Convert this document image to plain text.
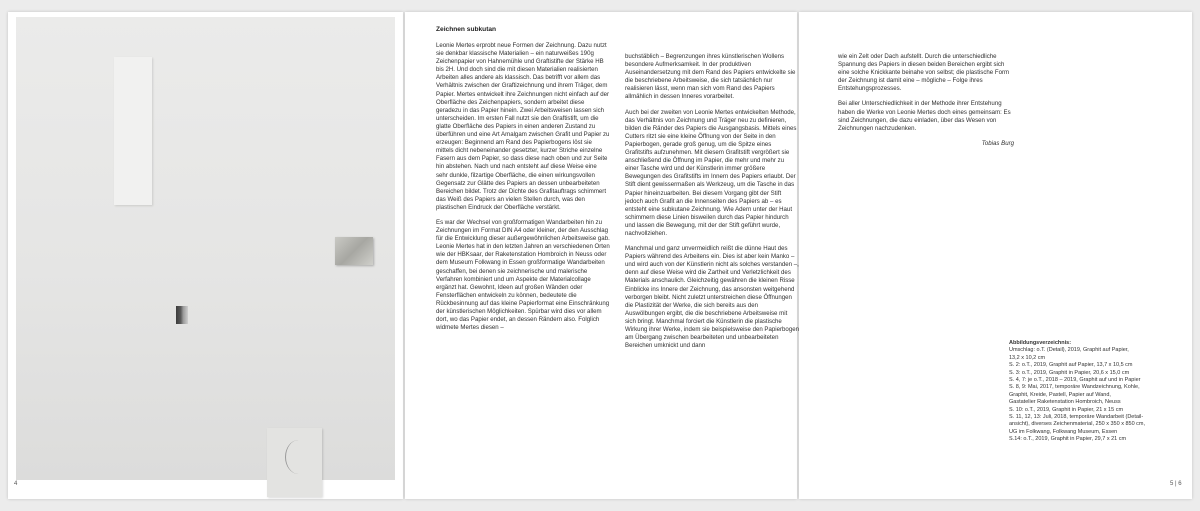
4
Zeichnen subkutan

Leonie Mertes erprobt neue Formen der Zeichnung. Dazu nutzt sie denkbar klassische Materialien – ein naturweißes 190g Zeichenpapier von Hahnemühle und Graftistifte der Stärke HB bis 2H. Und doch sind die mit diesen Materialien realisierten Arbeiten alles andere als klassisch. Das betrifft vor allem das Verhältnis zwischen der Graftizeichnung und ihrem Träger, dem Papier. Mertes entwickelt ihre Zeichnungen nicht einfach auf der Oberfläche des Zeichenpapiers, sondern arbeitet diese geradezu in das Papier hinein. Zwei Arbeitsweisen lassen sich unterscheiden. Im ersten Fall nutzt sie den Graftistift, um die glatte Oberfläche des Papiers in einen anderen Zustand zu überführen und eine Art Amalgam zwischen Grafit und Papier zu erzeugen: Beginnend am Rand des Papierbogens löst sie mittels dicht nebeneinander gesetzter, kurzer Striche einzelne Fasern aus dem Papier, so dass diese nach oben und zur Seite hin abstehen. Nach und nach entsteht auf diese Weise eine sehr dunkle, filzartige Oberfläche, die einen wirkungsvollen Gegensatz zur Glätte des Papiers an dessen unbearbeiteten Bereichen bildet. Trotz der Dichte des Grafitauftrags schimmert das Weiß des Papiers an vielen Stellen durch, was den plastischen Eindruck der Oberfläche verstärkt.

Es war der Wechsel von großformatigen Wandarbeiten hin zu Zeichnungen im Format DIN A4 oder kleiner, der den Ausschlag für die Entwicklung dieser außergewöhnlichen Arbeitsweise gab. Leonie Mertes hat in den letzten Jahren an verschiedenen Orten wie der HBKsaar, der Raketenstation Hombroich in Neuss oder dem Museum Folkwang in Essen großformatige Wandarbeiten geschaffen, bei denen sie zeichnerische und malerische Verfahren kombiniert und um Aspekte der Materialcollage ergänzt hat. Gewohnt, Ideen auf großen Wänden oder Fensterflächen entwickeln zu können, bedeutete die Rückbesinnung auf das kleine Papierformat eine Einschränkung der künstlerischen Möglichkeiten. Spürbar wird dies vor allem dort, wo das Papier endet, an dessen Rändern also. Folglich widmete Mertes diesen –

buchstäblich – Begrenzungen ihres künstlerischen Wollens besondere Aufmerksamkeit. In der produktiven Auseinandersetzung mit dem Rand des Papiers entwickelte sie die beschriebene Arbeitsweise, die sich tatsächlich nur realisieren lässt, wenn man sich vom Rand des Papiers allmählich in dessen Inneres vorarbeitet.

Auch bei der zweiten von Leonie Mertes entwickelten Methode, das Verhältnis von Zeichnung und Träger neu zu definieren, bilden die Ränder des Papiers die Ausgangsbasis. Mittels eines Cutters ritzt sie eine kleine Öffnung von der Seite in den Papierbogen, gerade groß genug, um die Spitze eines Grafitstifts aufzunehmen. Mit diesem Grafitstift vergrößert sie anschließend die Öffnung im Papier, die mehr und mehr zu einer Tasche wird und der Künstlerin immer größere Bewegungen des Grafitstifts im Innern des Papiers erlaubt. Der Stift dient gewissermaßen als Werkzeug, um die Tasche in das Papier hineinzuarbeiten. Bei diesem Vorgang gibt der Stift jedoch auch Grafit an die Innenseiten des Papiers ab – es entsteht eine subkutane Zeichnung. Wie Adern unter der Haut schimmern diese Linien bisweilen durch das Papier hindurch und lassen die Bewegung, mit der der Stift geführt wurde, nachvollziehen.

Manchmal und ganz unvermeidlich reißt die dünne Haut des Papiers während des Arbeitens ein. Dies ist aber kein Manko – und wird auch von der Künstlerin nicht als solches verstanden –, denn auf diese Weise wird die Zartheit und Verletzlichkeit des Materials anschaulich. Gleichzeitig gewähren die kleinen Risse Einblicke ins Innere der Zeichnung, das ansonsten weitgehend verborgen bleibt. Nicht zuletzt unterstreichen diese Öffnungen die Plastizität der Werke, die sich bereits aus den Auswölbungen ergibt, die die beschriebene Arbeitsweise mit sich bringt. Manchmal forciert die Künstlerin die plastische Wirkung ihrer Werke, indem sie beispielsweise den Papierbogen am Übergang zwischen bearbeiteten und unbearbeiteten Bereichen umknickt und dann

wie ein Zelt oder Dach aufstellt. Durch die unterschiedliche Spannung des Papiers in diesen beiden Bereichen ergibt sich eine solche Knickkante beinahe von selbst; die plastische Form der Zeichnung ist damit eine – mögliche – Folge ihres Entstehungsprozesses.

Bei aller Unterschiedlichkeit in der Methode ihrer Entstehung haben die Werke von Leonie Mertes doch eines gemeinsam: Es sind Zeichnungen, die dazu einladen, über das Wesen von Zeichnungen nachzudenken.

Tobias Burg

Abbildungsverzeichnis:
Umschlag: o.T. (Detail), 2019, Graphit auf Papier,
13,2 x 10,2 cm
S. 2: o.T., 2019, Graphit auf Papier, 13,7 x 10,5 cm
S. 3: o.T., 2019, Graphit in Papier, 20,6 x 15,0 cm
S. 4, 7: je o.T., 2018 – 2019, Graphit auf und in Papier
S. 8, 9: Mai, 2017, temporäre Wandzeichnung, Kohle,
Graphit, Kreide, Pastell, Papier auf Wand,
Gastatelier Raketenstation Hombroich, Neuss
S. 10: o.T., 2019, Graphit in Papier, 21 x 15 cm
S. 11, 12, 13: Juli, 2018, temporäre Wandarbeit (Detail-
ansicht), diverses Zeichenmaterial, 250 x 350 x 850 cm,
UG im Folkwang, Folkwang Museum, Essen
S.14: o.T., 2019, Graphit in Papier, 29,7 x 21 cm
5 | 6
